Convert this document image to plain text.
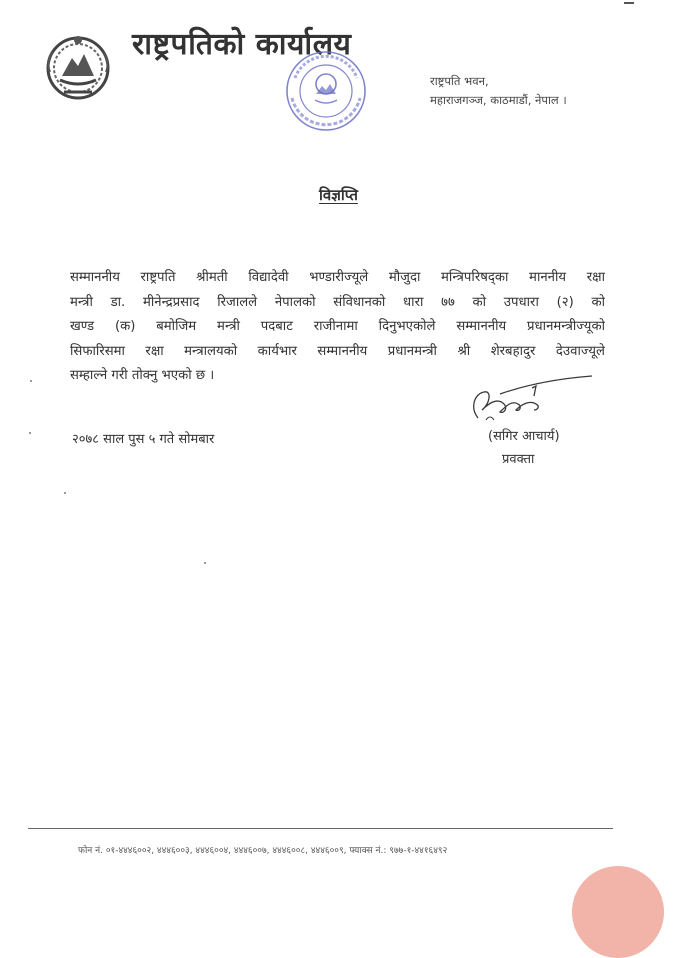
राष्ट्रपतिको कार्यालय
राष्ट्रपति भवन,
महाराजगञ्ज, काठमाडौं, नेपाल ।
विज्ञप्ति
सम्माननीय राष्ट्रपति श्रीमती विद्यादेवी भण्डारीज्यूले मौजुदा मन्त्रिपरिषद्का माननीय रक्षा
मन्त्री डा. मीनेन्द्रप्रसाद रिजालले नेपालको संविधानको धारा ७७ को उपधारा (२) को
खण्ड (क) बमोजिम मन्त्री पदबाट राजीनामा दिनुभएकोले सम्माननीय प्रधानमन्त्रीज्यूको
सिफारिसमा रक्षा मन्त्रालयको कार्यभार सम्माननीय प्रधानमन्त्री श्री शेरबहादुर देउवाज्यूले
सम्हाल्ने गरी तोक्नु भएको छ ।
२०७८ साल पुस ५ गते सोमबार	(सगिर आचार्य)
प्रवक्ता
फोन नं. ०१-४४४६००२, ४४४६००३, ४४४६००४, ४४४६००७, ४४४६००८, ४४४६००९, फ्याक्स नं.: ९७७-१-४४१६४९२
